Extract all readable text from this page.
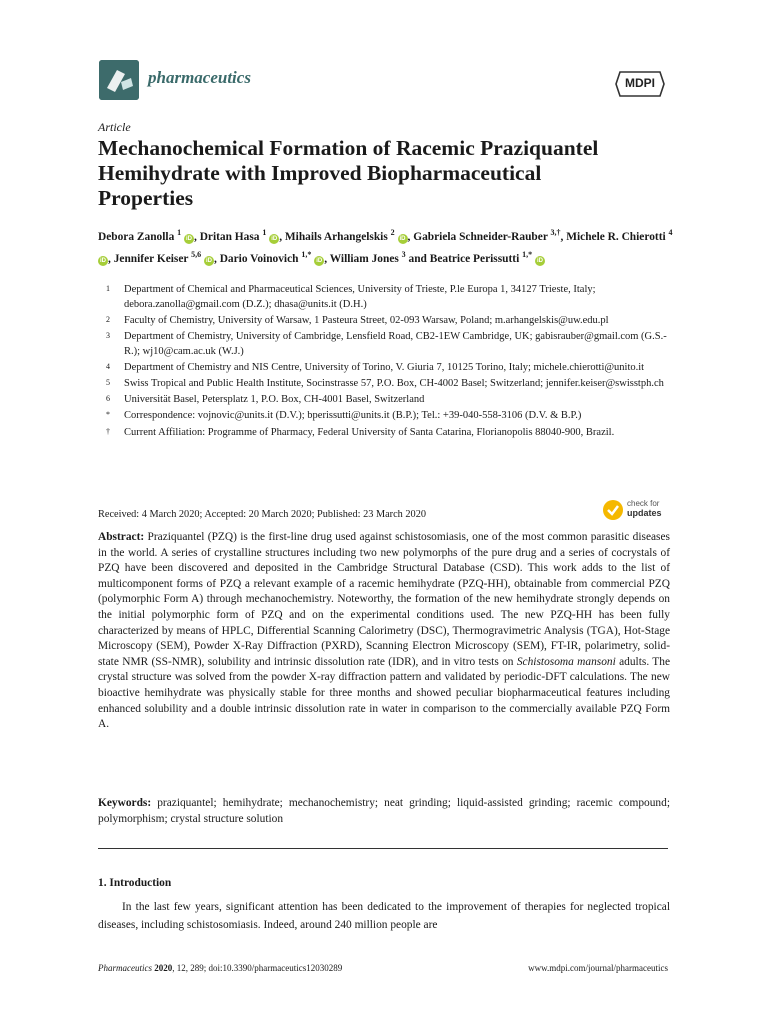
pharmaceutics	MDPI
Article
Mechanochemical Formation of Racemic Praziquantel Hemihydrate with Improved Biopharmaceutical Properties
Debora Zanolla $^1$ iD , Dritan Hasa $^1$ iD , Mihails Arhangelskis $^2$ iD , Gabriela Schneider-Rauber $^{3,\dagger}$, Michele R. Chierotti $^4$ iD , Jennifer Keiser $^{5,6}$ iD , Dario Voinovich $^{1,*}$ iD , William Jones $^3$ and Beatrice Perissutti $^{1,*}$ iD
1 Department of Chemical and Pharmaceutical Sciences, University of Trieste, P.le Europa 1, 34127 Trieste, Italy; debora.zanolla@gmail.com (D.Z.); dhasa@units.it (D.H.)
2 Faculty of Chemistry, University of Warsaw, 1 Pasteura Street, 02-093 Warsaw, Poland; m.arhangelskis@uw.edu.pl
3 Department of Chemistry, University of Cambridge, Lensfield Road, CB2-1EW Cambridge, UK; gabisrauber@gmail.com (G.S.-R.); wj10@cam.ac.uk (W.J.)
4 Department of Chemistry and NIS Centre, University of Torino, V. Giuria 7, 10125 Torino, Italy; michele.chierotti@unito.it
5 Swiss Tropical and Public Health Institute, Socinstrasse 57, P.O. Box, CH-4002 Basel; Switzerland; jennifer.keiser@swisstph.ch
6 Universität Basel, Petersplatz 1, P.O. Box, CH-4001 Basel, Switzerland
* Correspondence: vojnovic@units.it (D.V.); bperissutti@units.it (B.P.); Tel.: +39-040-558-3106 (D.V. & B.P.)
† Current Affiliation: Programme of Pharmacy, Federal University of Santa Catarina, Florianopolis 88040-900, Brazil.
Received: 4 March 2020; Accepted: 20 March 2020; Published: 23 March 2020
check for
updates
Abstract: Praziquantel (PZQ) is the first-line drug used against schistosomiasis, one of the most common parasitic diseases in the world. A series of crystalline structures including two new polymorphs of the pure drug and a series of cocrystals of PZQ have been discovered and deposited in the Cambridge Structural Database (CSD). This work adds to the list of multicomponent forms of PZQ a relevant example of a racemic hemihydrate (PZQ-HH), obtainable from commercial PZQ (polymorphic Form A) through mechanochemistry. Noteworthy, the formation of the new hemihydrate strongly depends on the initial polymorphic form of PZQ and on the experimental conditions used. The new PZQ-HH has been fully characterized by means of HPLC, Differential Scanning Calorimetry (DSC), Thermogravimetric Analysis (TGA), Hot-Stage Microscopy (SEM), Powder X-Ray Diffraction (PXRD), Scanning Electron Microscopy (SEM), FT-IR, polarimetry, solid-state NMR (SS-NMR), solubility and intrinsic dissolution rate (IDR), and in vitro tests on Schistosoma mansoni adults. The crystal structure was solved from the powder X-ray diffraction pattern and validated by periodic-DFT calculations. The new bioactive hemihydrate was physically stable for three months and showed peculiar biopharmaceutical features including enhanced solubility and a double intrinsic dissolution rate in water in comparison to the commercially available PZQ Form A.
Keywords: praziquantel; hemihydrate; mechanochemistry; neat grinding; liquid-assisted grinding; racemic compound; polymorphism; crystal structure solution
1. Introduction
In the last few years, significant attention has been dedicated to the improvement of therapies for neglected tropical diseases, including schistosomiasis. Indeed, around 240 million people are
Pharmaceutics 2020, 12, 289; doi:10.3390/pharmaceutics12030289	www.mdpi.com/journal/pharmaceutics
